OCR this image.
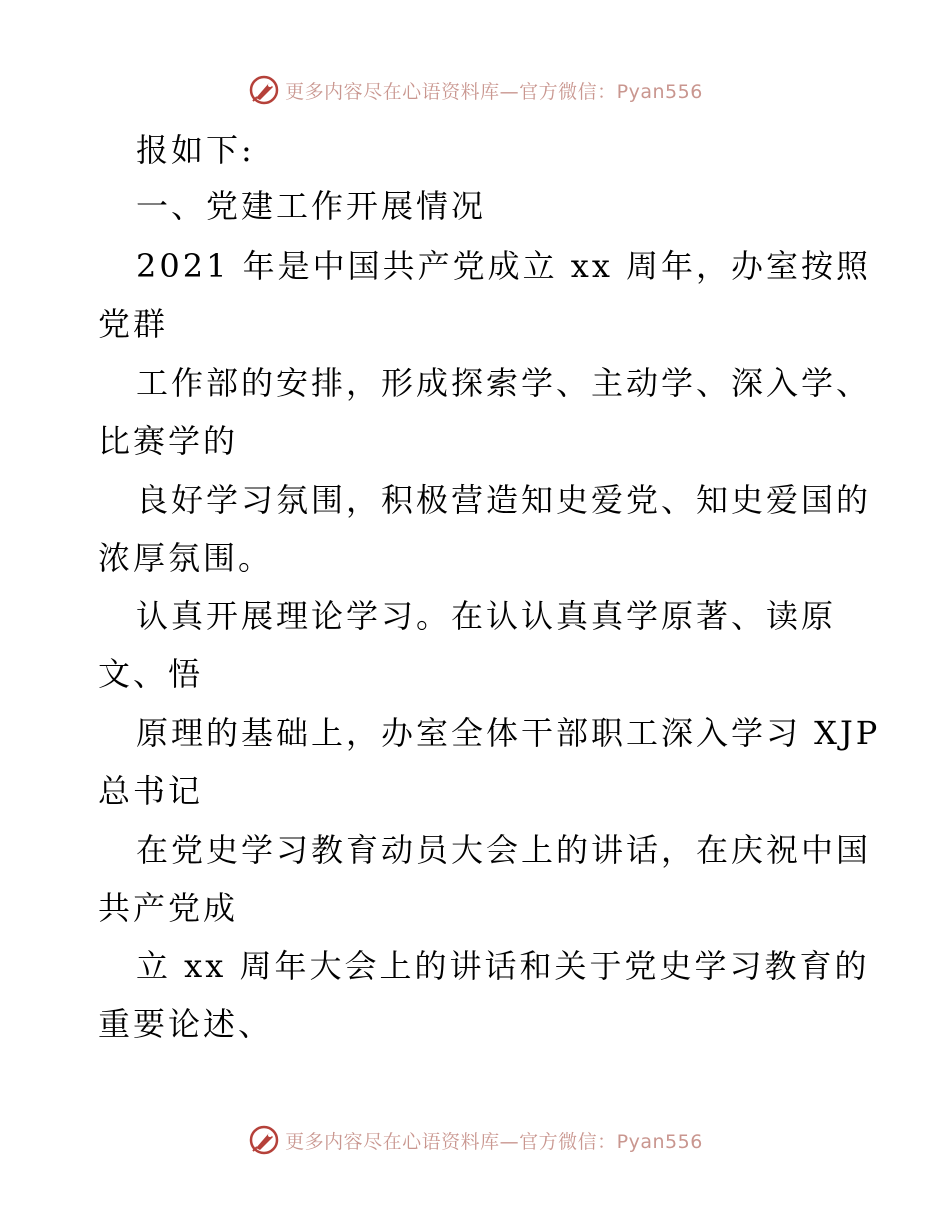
更多内容尽在心语资料库—官方微信：Pyan556
报如下:
一、党建工作开展情况
2021 年是中国共产党成立 xx 周年，办室按照
党群
工作部的安排，形成探索学、主动学、深入学、
比赛学的
良好学习氛围，积极营造知史爱党、知史爱国的
浓厚氛围。
认真开展理论学习。在认认真真学原著、读原
文、悟
原理的基础上，办室全体干部职工深入学习 XJP
总书记
在党史学习教育动员大会上的讲话，在庆祝中国
共产党成
立 xx 周年大会上的讲话和关于党史学习教育的
重要论述、
更多内容尽在心语资料库—官方微信：Pyan556
